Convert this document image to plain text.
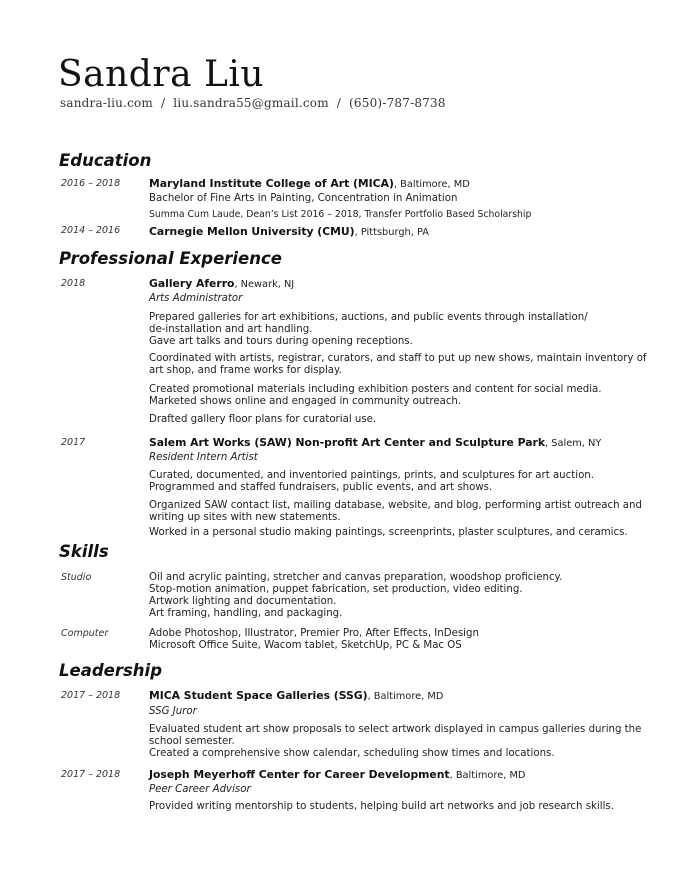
Sandra Liu
sandra-liu.com / liu.sandra55@gmail.com / (650)-787-8738
Education
2016 – 2018	Maryland Institute College of Art (MICA), Baltimore, MD
Bachelor of Fine Arts in Painting, Concentration in Animation
Summa Cum Laude, Dean’s List 2016 – 2018, Transfer Portfolio Based Scholarship
2014 – 2016	Carnegie Mellon University (CMU), Pittsburgh, PA
Professional Experience
2018	Gallery Aferro, Newark, NJ
Arts Administrator
Prepared galleries for art exhibitions, auctions, and public events through installation/
de-installation and art handling.
Gave art talks and tours during opening receptions.
Coordinated with artists, registrar, curators, and staff to put up new shows, maintain inventory of
art shop, and frame works for display.
Created promotional materials including exhibition posters and content for social media.
Marketed shows online and engaged in community outreach.
Drafted gallery floor plans for curatorial use.
2017	Salem Art Works (SAW) Non-profit Art Center and Sculpture Park, Salem, NY
Resident Intern Artist
Curated, documented, and inventoried paintings, prints, and sculptures for art auction.
Programmed and staffed fundraisers, public events, and art shows.
Organized SAW contact list, mailing database, website, and blog, performing artist outreach and
writing up sites with new statements.
Worked in a personal studio making paintings, screenprints, plaster sculptures, and ceramics.
Skills
Studio	Oil and acrylic painting, stretcher and canvas preparation, woodshop proficiency.
Stop-motion animation, puppet fabrication, set production, video editing.
Artwork lighting and documentation.
Art framing, handling, and packaging.
Computer	Adobe Photoshop, Illustrator, Premier Pro, After Effects, InDesign
Microsoft Office Suite, Wacom tablet, SketchUp, PC & Mac OS
Leadership
2017 – 2018	MICA Student Space Galleries (SSG), Baltimore, MD
SSG Juror
Evaluated student art show proposals to select artwork displayed in campus galleries during the
school semester.
Created a comprehensive show calendar, scheduling show times and locations.
2017 – 2018	Joseph Meyerhoff Center for Career Development, Baltimore, MD
Peer Career Advisor
Provided writing mentorship to students, helping build art networks and job research skills.
